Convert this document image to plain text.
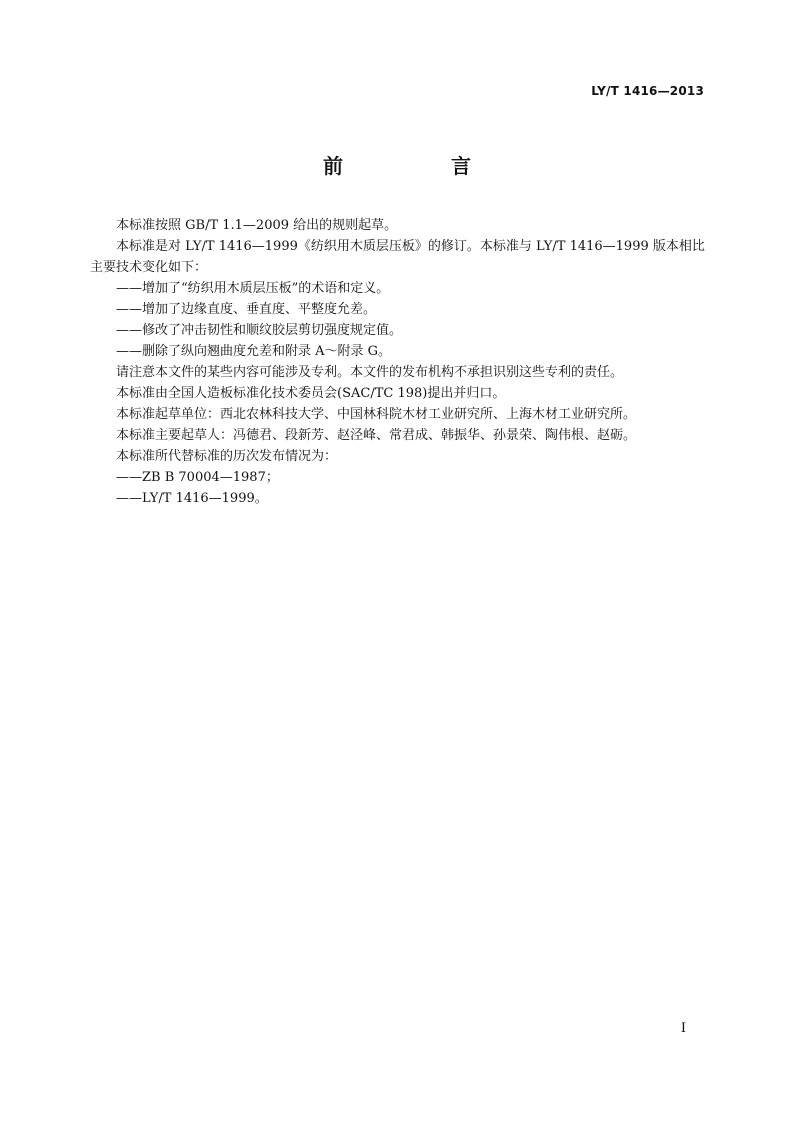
LY/T 1416—2013
前　言

本标准按照 GB/T 1.1—2009 给出的规则起草。

本标准是对 LY/T 1416—1999《纺织用木质层压板》的修订。本标准与 LY/T 1416—1999 版本相比主要技术变化如下：

——增加了“纺织用木质层压板”的术语和定义。

——增加了边缘直度、垂直度、平整度允差。

——修改了冲击韧性和顺纹胶层剪切强度规定值。

——删除了纵向翘曲度允差和附录 A～附录 G。

请注意本文件的某些内容可能涉及专利。本文件的发布机构不承担识别这些专利的责任。

本标准由全国人造板标准化技术委员会(SAC/TC 198)提出并归口。

本标准起草单位：西北农林科技大学、中国林科院木材工业研究所、上海木材工业研究所。

本标准主要起草人：冯德君、段新芳、赵泾峰、常君成、韩振华、孙景荣、陶伟根、赵砺。

本标准所代替标准的历次发布情况为：

——ZB B 70004—1987；

——LY/T 1416—1999。

I
